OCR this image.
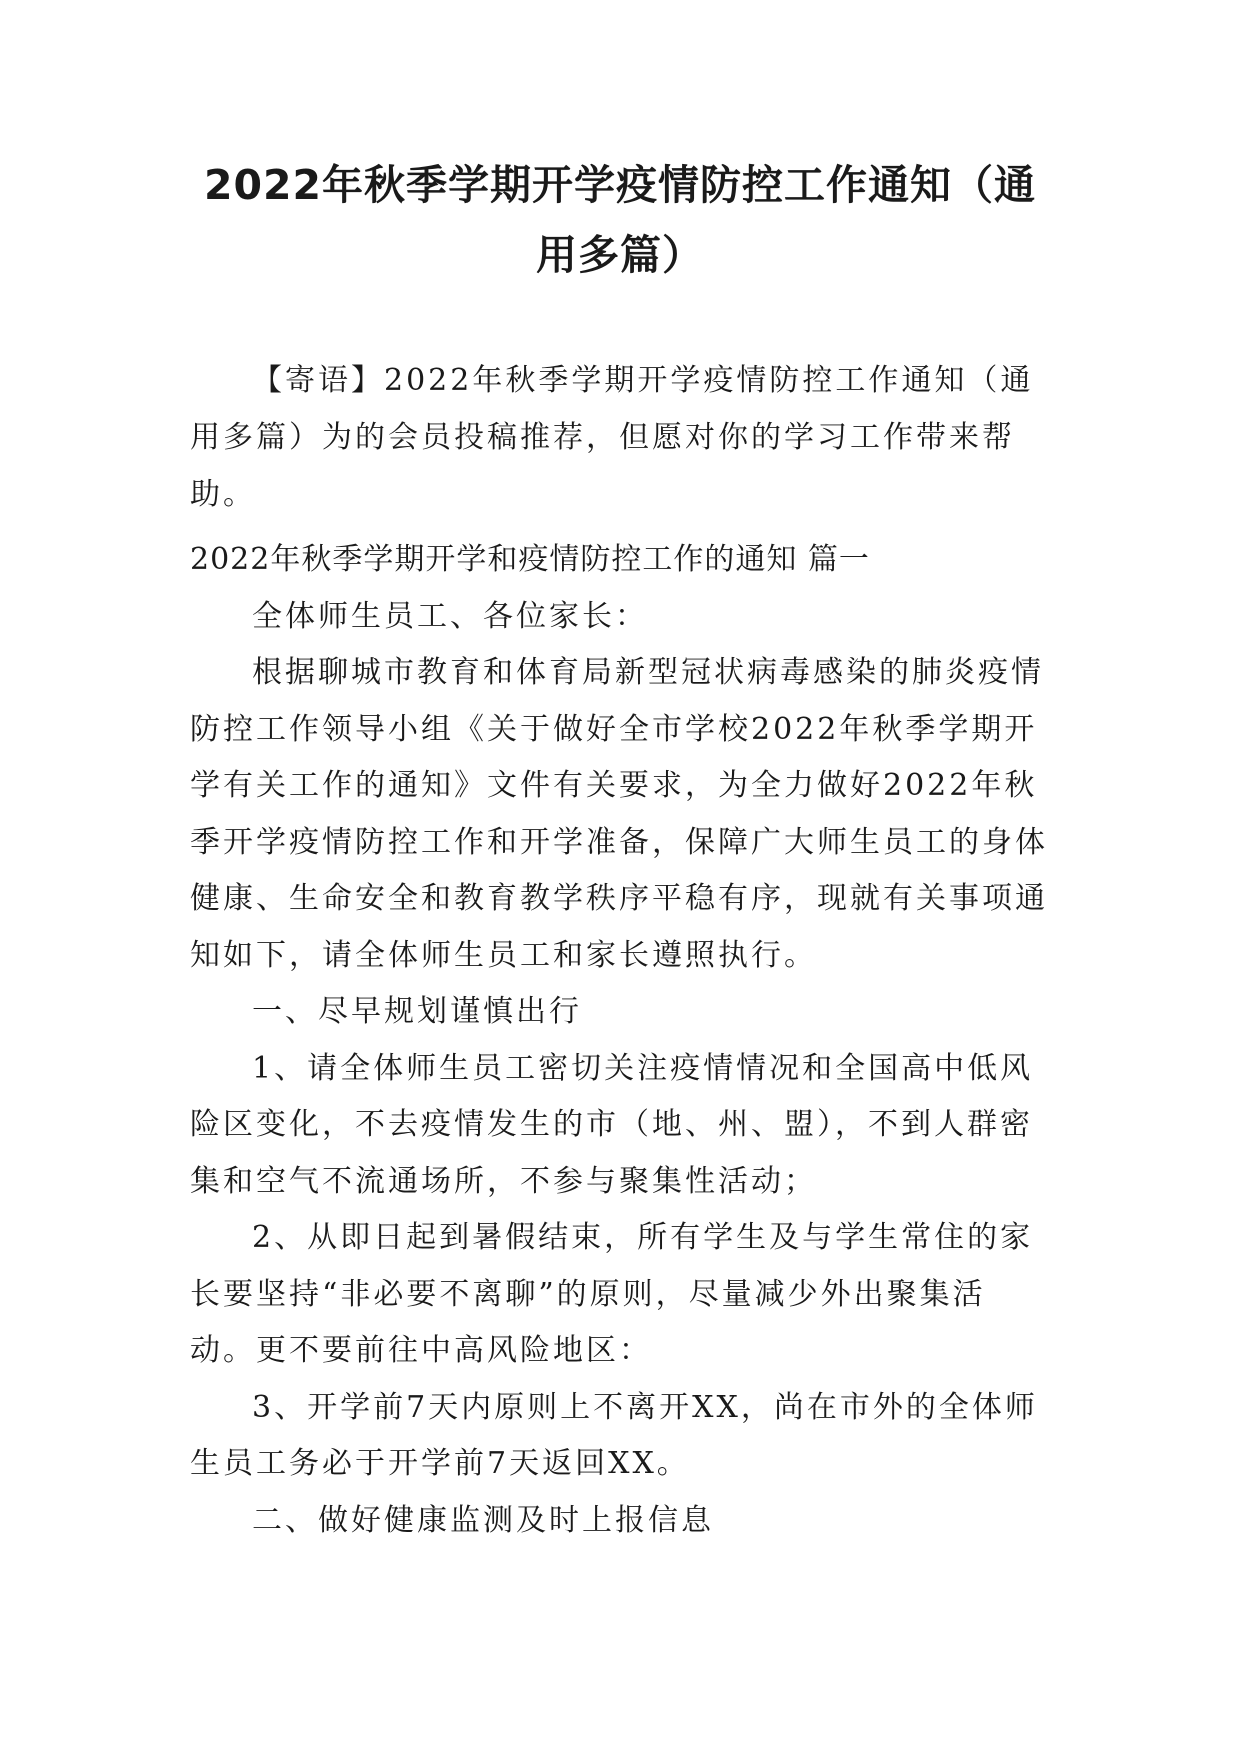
2022年秋季学期开学疫情防控工作通知（通
用多篇）

【寄语】2022年秋季学期开学疫情防控工作通知（通用多篇）为的会员投稿推荐，但愿对你的学习工作带来帮助。

2022年秋季学期开学和疫情防控工作的通知 篇一

全体师生员工、各位家长：

根据聊城市教育和体育局新型冠状病毒感染的肺炎疫情防控工作领导小组《关于做好全市学校2022年秋季学期开学有关工作的通知》文件有关要求，为全力做好2022年秋季开学疫情防控工作和开学准备，保障广大师生员工的身体健康、生命安全和教育教学秩序平稳有序，现就有关事项通知如下，请全体师生员工和家长遵照执行。

一、尽早规划谨慎出行

1、请全体师生员工密切关注疫情情况和全国高中低风险区变化，不去疫情发生的市（地、州、盟），不到人群密集和空气不流通场所，不参与聚集性活动；

2、从即日起到暑假结束，所有学生及与学生常住的家长要坚持“非必要不离聊”的原则，尽量减少外出聚集活动。更不要前往中高风险地区：

3、开学前7天内原则上不离开XX，尚在市外的全体师生员工务必于开学前7天返回XX。

二、做好健康监测及时上报信息
